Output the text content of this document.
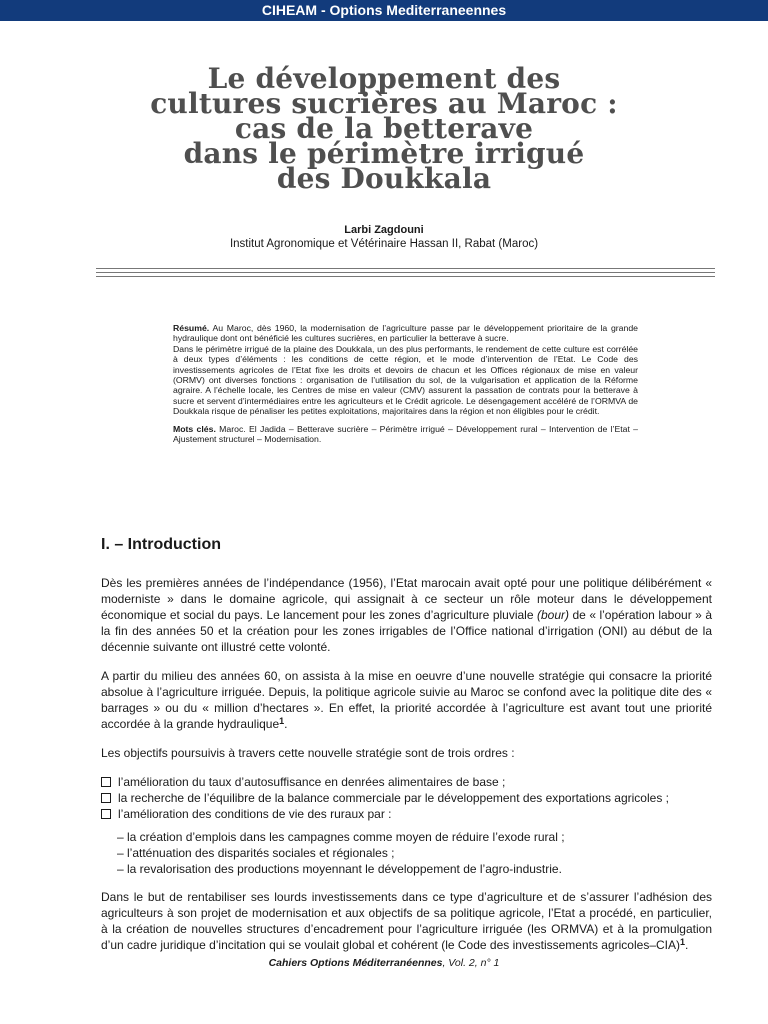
CIHEAM - Options Mediterraneennes
Le développement des
cultures sucrières au Maroc :
cas de la betterave
dans le périmètre irrigué
des Doukkala
Larbi Zagdouni
Institut Agronomique et Vétérinaire Hassan II, Rabat (Maroc)

Résumé. Au Maroc, dès 1960, la modernisation de l’agriculture passe par le développement prioritaire de la grande hydraulique dont ont bénéficié les cultures sucrières, en particulier la betterave à sucre.

Dans le périmètre irrigué de la plaine des Doukkala, un des plus performants, le rendement de cette culture est corrélée à deux types d’éléments : les conditions de cette région, et le mode d’intervention de l’Etat. Le Code des investissements agricoles de l’Etat fixe les droits et devoirs de chacun et les Offices régionaux de mise en valeur (ORMV) ont diverses fonctions : organisation de l’utilisation du sol, de la vulgarisation et application de la Réforme agraire. A l’échelle locale, les Centres de mise en valeur (CMV) assurent la passation de contrats pour la betterave à sucre et servent d’intermédiaires entre les agriculteurs et le Crédit agricole. Le désengagement accéléré de l’ORMVA de Doukkala risque de pénaliser les petites exploitations, majoritaires dans la région et non éligibles pour le crédit.

Mots clés. Maroc. El Jadida – Betterave sucrière – Périmètre irrigué – Développement rural – Intervention de l’Etat – Ajustement structurel – Modernisation.

I. – Introduction

Dès les premières années de l’indépendance (1956), l’Etat marocain avait opté pour une politique délibérément « moderniste » dans le domaine agricole, qui assignait à ce secteur un rôle moteur dans le développement économique et social du pays. Le lancement pour les zones d’agriculture pluviale (bour) de « l’opération labour » à la fin des années 50 et la création pour les zones irrigables de l’Office national d’irrigation (ONI) au début de la décennie suivante ont illustré cette volonté.

A partir du milieu des années 60, on assista à la mise en oeuvre d’une nouvelle stratégie qui consacre la priorité absolue à l’agriculture irriguée. Depuis, la politique agricole suivie au Maroc se confond avec la politique dite des « barrages » ou du « million d’hectares ». En effet, la priorité accordée à l’agriculture est avant tout une priorité accordée à la grande hydraulique$^1$.

Les objectifs poursuivis à travers cette nouvelle stratégie sont de trois ordres :

l’amélioration du taux d’autosuffisance en denrées alimentaires de base ;
la recherche de l’équilibre de la balance commerciale par le développement des exportations agricoles ;
l’amélioration des conditions de vie des ruraux par :
– la création d’emplois dans les campagnes comme moyen de réduire l’exode rural ;
– l’atténuation des disparités sociales et régionales ;
– la revalorisation des productions moyennant le développement de l’agro-industrie.

Dans le but de rentabiliser ses lourds investissements dans ce type d’agriculture et de s’assurer l’adhésion des agriculteurs à son projet de modernisation et aux objectifs de sa politique agricole, l’Etat a procédé, en particulier, à la création de nouvelles structures d’encadrement pour l’agriculture irriguée (les ORMVA) et à la promulgation d’un cadre juridique d’incitation qui se voulait global et cohérent (le Code des investissements agricoles–CIA)$^1$.

Cahiers Options Méditerranéennes, Vol. 2, n° 1
